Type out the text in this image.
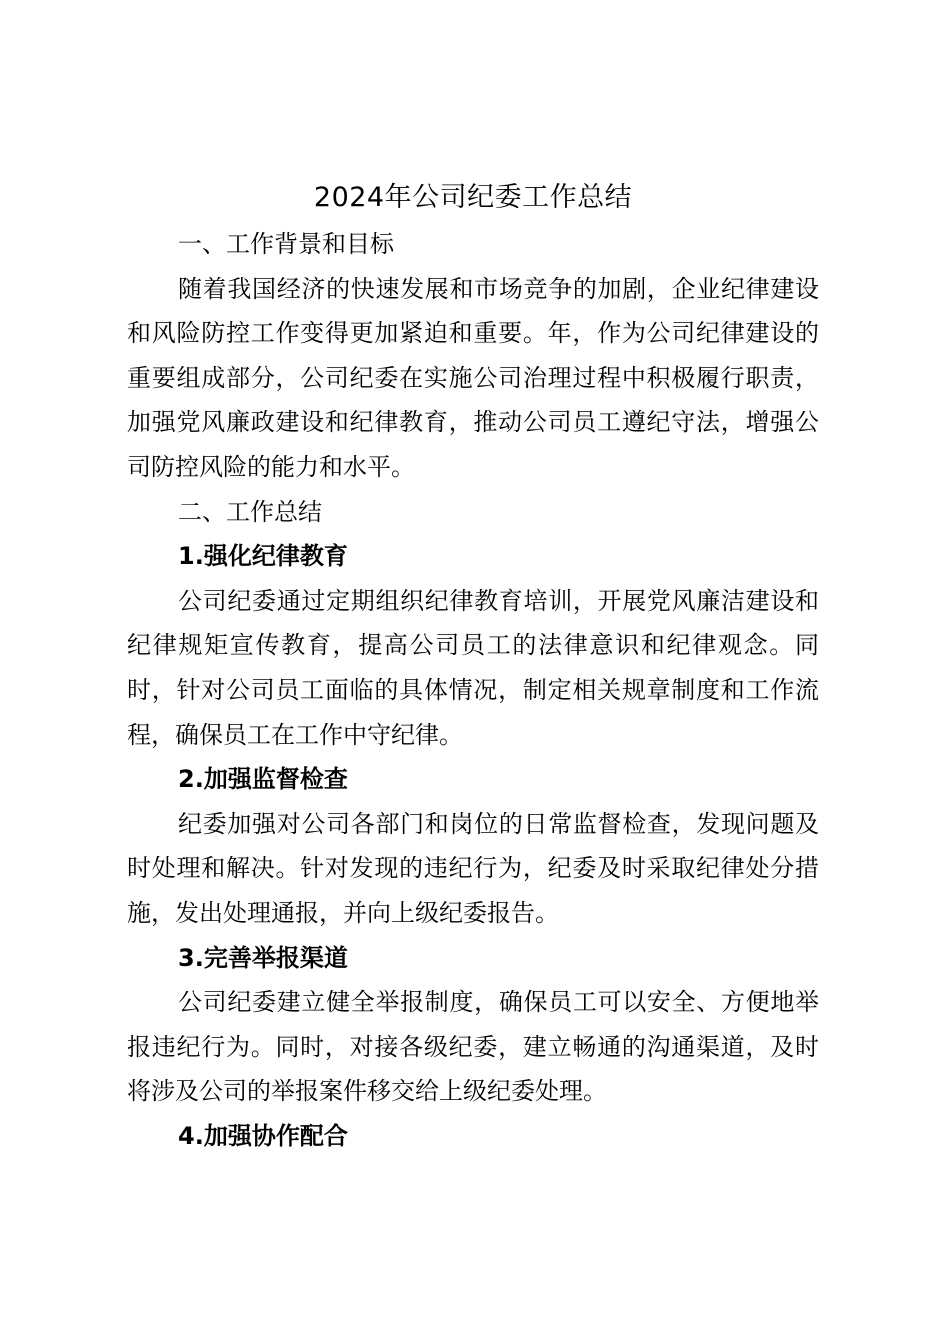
2024年公司纪委工作总结

一、工作背景和目标

随着我国经济的快速发展和市场竞争的加剧，企业纪律建设和风险防控工作变得更加紧迫和重要。年，作为公司纪律建设的重要组成部分，公司纪委在实施公司治理过程中积极履行职责，加强党风廉政建设和纪律教育，推动公司员工遵纪守法，增强公司防控风险的能力和水平。

二、工作总结

1.强化纪律教育

公司纪委通过定期组织纪律教育培训，开展党风廉洁建设和纪律规矩宣传教育，提高公司员工的法律意识和纪律观念。同时，针对公司员工面临的具体情况，制定相关规章制度和工作流程，确保员工在工作中守纪律。

2.加强监督检查

纪委加强对公司各部门和岗位的日常监督检查，发现问题及时处理和解决。针对发现的违纪行为，纪委及时采取纪律处分措施，发出处理通报，并向上级纪委报告。

3.完善举报渠道

公司纪委建立健全举报制度，确保员工可以安全、方便地举报违纪行为。同时，对接各级纪委，建立畅通的沟通渠道，及时将涉及公司的举报案件移交给上级纪委处理。

4.加强协作配合
